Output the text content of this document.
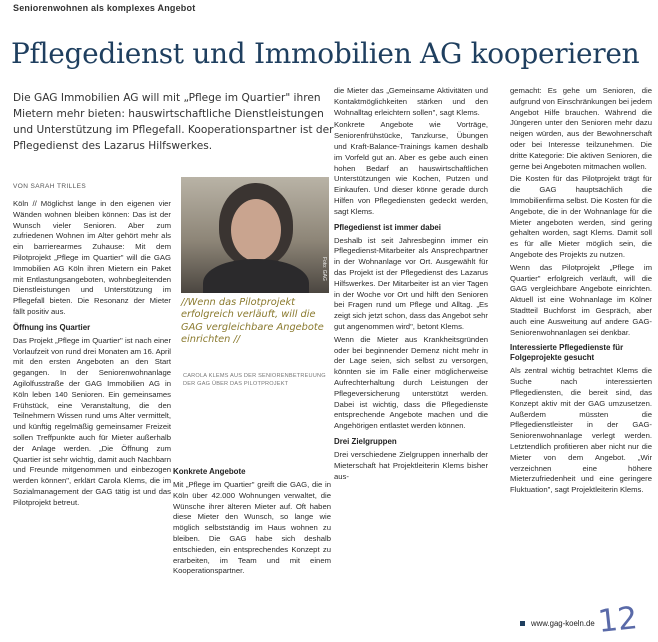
Seniorenwohnen als komplexes Angebot
Pflegedienst und Immobilien AG kooperieren

Die GAG Immobilien AG will mit „Pflege im Quartier" ihren Mietern mehr bieten: hauswirtschaftliche Dienstleistungen und Unterstützung im Pflegefall. Kooperationspartner ist der Pflegedienst des Lazarus Hilfswerkes.

VON SARAH TRILLES

Köln // Möglichst lange in den eigenen vier Wänden wohnen bleiben können: Das ist der Wunsch vieler Senioren. Aber zum zufriedenen Wohnen im Alter gehört mehr als ein barrierearmes Zuhause: Mit dem Pilotprojekt „Pflege im Quartier" will die GAG Immobilien AG Köln ihren Mietern ein Paket mit Entlastungsangeboten, wohnbegleitenden Dienstleistungen und Unterstützung im Pflegefall bieten. Die Resonanz der Mieter fällt positiv aus.

Öffnung ins Quartier

Das Projekt „Pflege im Quartier" ist nach einer Vorlaufzeit von rund drei Monaten am 16. April mit den ersten Angeboten an den Start gegangen. In der Seniorenwohnanlage Agilolfusstraße der GAG Immobilien AG in Köln leben 140 Senioren. Ein gemeinsames Frühstück, eine Veranstaltung, die den Teilnehmern Wissen rund ums Alter vermittelt, und künftig regelmäßig gemeinsamer Freizeit sollen Treffpunkte auch für Mieter außerhalb der Anlage werden. „Die Öffnung zum Quartier ist sehr wichtig, damit auch Nachbarn und Freunde mitgenommen und einbezogen werden können", erklärt Carola Klems, die im Sozialmanagement der GAG tätig ist und das Pilotprojekt betreut.

Foto: GAG
//Wenn das Pilotprojekt erfolgreich verläuft, will die GAG vergleichbare Angebote einrichten //
CAROLA KLEMS AUS DER SENIORENBETREUUNG DER GAG ÜBER DAS PILOTPROJEKT
Konkrete Angebote

Mit „Pflege im Quartier" greift die GAG, die in Köln über 42.000 Wohnungen verwaltet, die Wünsche ihrer älteren Mieter auf. Oft haben diese Mieter den Wunsch, so lange wie möglich selbstständig im Haus wohnen zu bleiben. Die GAG habe sich deshalb entschieden, ein entsprechendes Konzept zu erarbeiten, im Team und mit einem Kooperationspartner.

die Mieter das „Gemeinsame Aktivitäten und Kontaktmöglichkeiten stärken und den Wohnalltag erleichtern sollen", sagt Klems.

Konkrete Angebote wie Vorträge, Seniorenfrühstücke, Tanzkurse, Übungen und Kraft-Balance-Trainings kamen deshalb im Vorfeld gut an. Aber es gebe auch einen hohen Bedarf an hauswirtschaftlichen Unterstützungen wie Kochen, Putzen und Einkaufen. Und dieser könne gerade durch Hilfen von Pflegediensten gedeckt werden, sagt Klems.

Pflegedienst ist immer dabei

Deshalb ist seit Jahresbeginn immer ein Pflegedienst-Mitarbeiter als Ansprechpartner in der Wohnanlage vor Ort. Ausgewählt für das Projekt ist der Pflegedienst des Lazarus Hilfswerkes. Der Mitarbeiter ist an vier Tagen in der Woche vor Ort und hilft den Senioren bei Fragen rund um Pflege und Alltag. „Es zeigt sich jetzt schon, dass das Angebot sehr gut angenommen wird", betont Klems.

Wenn die Mieter aus Krankheitsgründen oder bei beginnender Demenz nicht mehr in der Lage seien, sich selbst zu versorgen, könnten sie im Falle einer möglicherweise Aufrechterhaltung durch Leistungen der Pflegeversicherung unterstützt werden. Dabei ist wichtig, dass die Pflegedienste entsprechende Angebote machen und die Angehörigen entlastet werden können.

Drei Zielgruppen

Drei verschiedene Zielgruppen innerhalb der Mieterschaft hat Projektleiterin Klems bisher aus-

gemacht: Es gehe um Senioren, die aufgrund von Einschränkungen bei jedem Angebot Hilfe brauchen. Während die Jüngeren unter den Senioren mehr dazu neigen würden, aus der Bewohnerschaft oder bei Interesse teilzunehmen. Die dritte Kategorie: Die aktiven Senioren, die gerne bei Angeboten mitmachen wollen.

Die Kosten für das Pilotprojekt trägt für die GAG hauptsächlich die Immobilienfirma selbst. Die Kosten für die Angebote, die in der Wohnanlage für die Mieter angeboten werden, sind gering gehalten worden, sagt Klems. Damit soll es für alle Mieter möglich sein, die Angebote des Projekts zu nutzen.

Wenn das Pilotprojekt „Pflege im Quartier" erfolgreich verläuft, will die GAG vergleichbare Angebote einrichten. Aktuell ist eine Wohnanlage im Kölner Stadtteil Buchforst im Gespräch, aber auch eine Ausweitung auf andere GAG-Seniorenwohnanlagen sei denkbar.

Interessierte Pflegedienste für Folgeprojekte gesucht

Als zentral wichtig betrachtet Klems die Suche nach interessierten Pflegediensten, die bereit sind, das Konzept aktiv mit der GAG umzusetzen. Außerdem müssten die Pflegedienstleister in der GAG-Seniorenwohnanlage verlegt werden. Letztendlich profitieren aber nicht nur die Mieter von dem Angebot. „Wir verzeichnen eine höhere Mieterzufriedenheit und eine geringere Fluktuation", sagt Projektleiterin Klems.

www.gag-koeln.de 12
